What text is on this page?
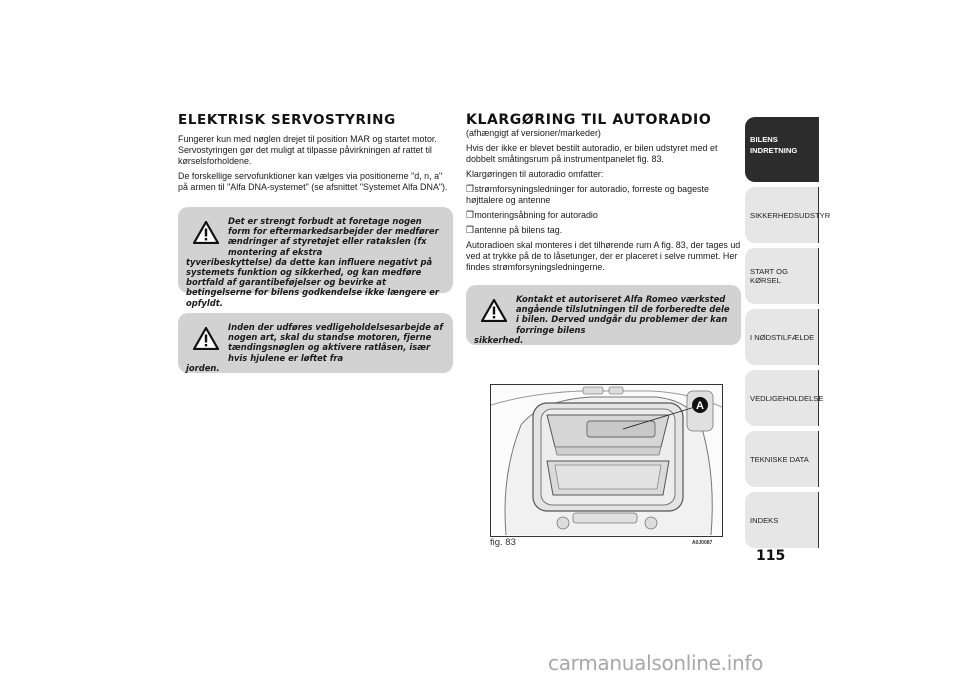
ELEKTRISK SERVOSTYRING

Fungerer kun med nøglen drejet til position MAR og startet motor. Servostyringen gør det muligt at tilpasse påvirkningen af rattet til kørselsforholdene.

De forskellige servofunktioner kan vælges via positionerne "d, n, a" på armen til "Alfa DNA-systemet" (se afsnittet "Systemet Alfa DNA").

Det er strengt forbudt at foretage nogen form for eftermarkedsarbejder der medfører ændringer af styretøjet eller ratakslen (fx montering af ekstra
tyveribeskyttelse) da dette kan influere negativt på systemets funktion og sikkerhed, og kan medføre bortfald af garantibeføjelser og bevirke at betingelserne for bilens godkendelse ikke længere er opfyldt.
Inden der udføres vedligeholdelsesarbejde af nogen art, skal du standse motoren, fjerne tændingsnøglen og aktivere ratlåsen, især hvis hjulene er løftet fra
jorden.
KLARGØRING TIL AUTORADIO

(afhængigt af versioner/markeder)

Hvis der ikke er blevet bestilt autoradio, er bilen udstyret med et dobbelt småtingsrum på instrumentpanelet fig. 83.

Klargøringen til autoradio omfatter:

❒strømforsyningsledninger for autoradio, forreste og bageste højttalere og antenne

❒monteringsåbning for autoradio

❒antenne på bilens tag.

Autoradioen skal monteres i det tilhørende rum A fig. 83, der tages ud ved at trykke på de to låsetunger, der er placeret i selve rummet. Her findes strømforsyningsledningerne.

Kontakt et autoriseret Alfa Romeo værksted angående tilslutningen til de forberedte dele i bilen. Derved undgår du problemer der kan forringe bilens
sikkerhed.
A
fig. 83	A0J0087
BILENS INDRETNING
SIKKERHEDSUDSTYR
START OG KØRSEL
I NØDSTILFÆLDE
VEDLIGEHOLDELSE
TEKNISKE DATA
INDEKS
115
carmanualsonline.info
